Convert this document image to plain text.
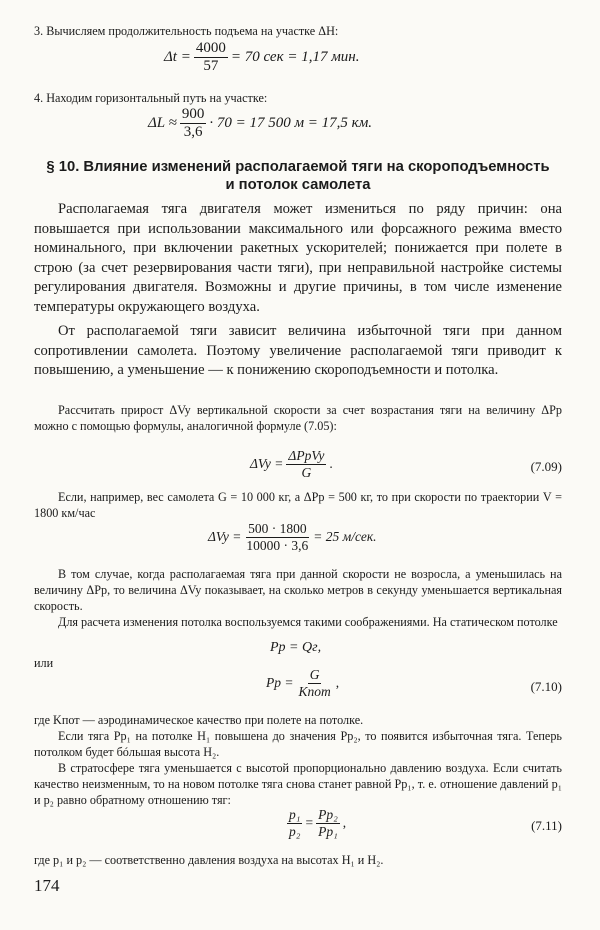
3. Вычисляем продолжительность подъема на участке ΔH:

$\Delta t = \frac{4000}{57} = 70$ сек = 1,17 мин.

4. Находим горизонтальный путь на участке:

$\Delta L \approx \frac{900}{3,6} \cdot 70 = 17$ 500 м = 17,5 км.
§ 10. Влияние изменений располагаемой тяги на скороподъемность
и потолок самолета

Располагаемая тяга двигателя может измениться по ряду причин: она повышается при использовании максимального или форсажного режима вместо номинального, при включении ракетных ускорителей; понижается при полете в строю (за счет резервирования части тяги), при неправильной настройке системы регулирования двигателя. Возможны и другие причины, в том числе изменение температуры окружающего воздуха.

От располагаемой тяги зависит величина избыточной тяги при данном сопротивлении самолета. Поэтому увеличение располагаемой тяги приводит к повышению, а уменьшение — к понижению скороподъемности и потолка.

Рассчитать прирост ΔVy вертикальной скорости за счет возрастания тяги на величину ΔPр можно с помощью формулы, аналогичной формуле (7.05):

$\Delta Vy = \frac{\text{ΔPрVy}}{G}$ .	(7.09)

Если, например, вес самолета G = 10 000 кг, а ΔPр = 500 кг, то при скорости по траектории V = 1800 км/час

$\Delta Vy = \frac{500 \cdot 1800}{10000 \cdot 3,6} = 25$ м/сек.

В том случае, когда располагаемая тяга при данной скорости не возросла, а уменьшилась на величину ΔPр, то величина ΔVy показывает, на сколько метров в секунду уменьшается вертикальная скорость.

Для расчета изменения потолка воспользуемся такими соображениями. На статическом потолке

Pр = Qг,
или
Pр = $\frac{G}{\text{Kпот}}$ ,	(7.10)

где Kпот — аэродинамическое качество при полете на потолке.

Если тяга Pр₁ на потолке H₁ повышена до значения Pр₂, то появится избыточная тяга. Теперь потолком будет бóльшая высота H₂.

В стратосфере тяга уменьшается с высотой пропорционально давлению воздуха. Если считать качество неизменным, то на новом потолке тяга снова станет равной Pр₁, т. е. отношение давлений p₁ и p₂ равно обратному отношению тяг:

$\frac{\text{p₁}}{\text{p₂}} = \frac{\text{Pр₂}}{\text{Pр₁}}$ ,	(7.11)

где p₁ и p₂ — соответственно давления воздуха на высотах H₁ и H₂.

174
